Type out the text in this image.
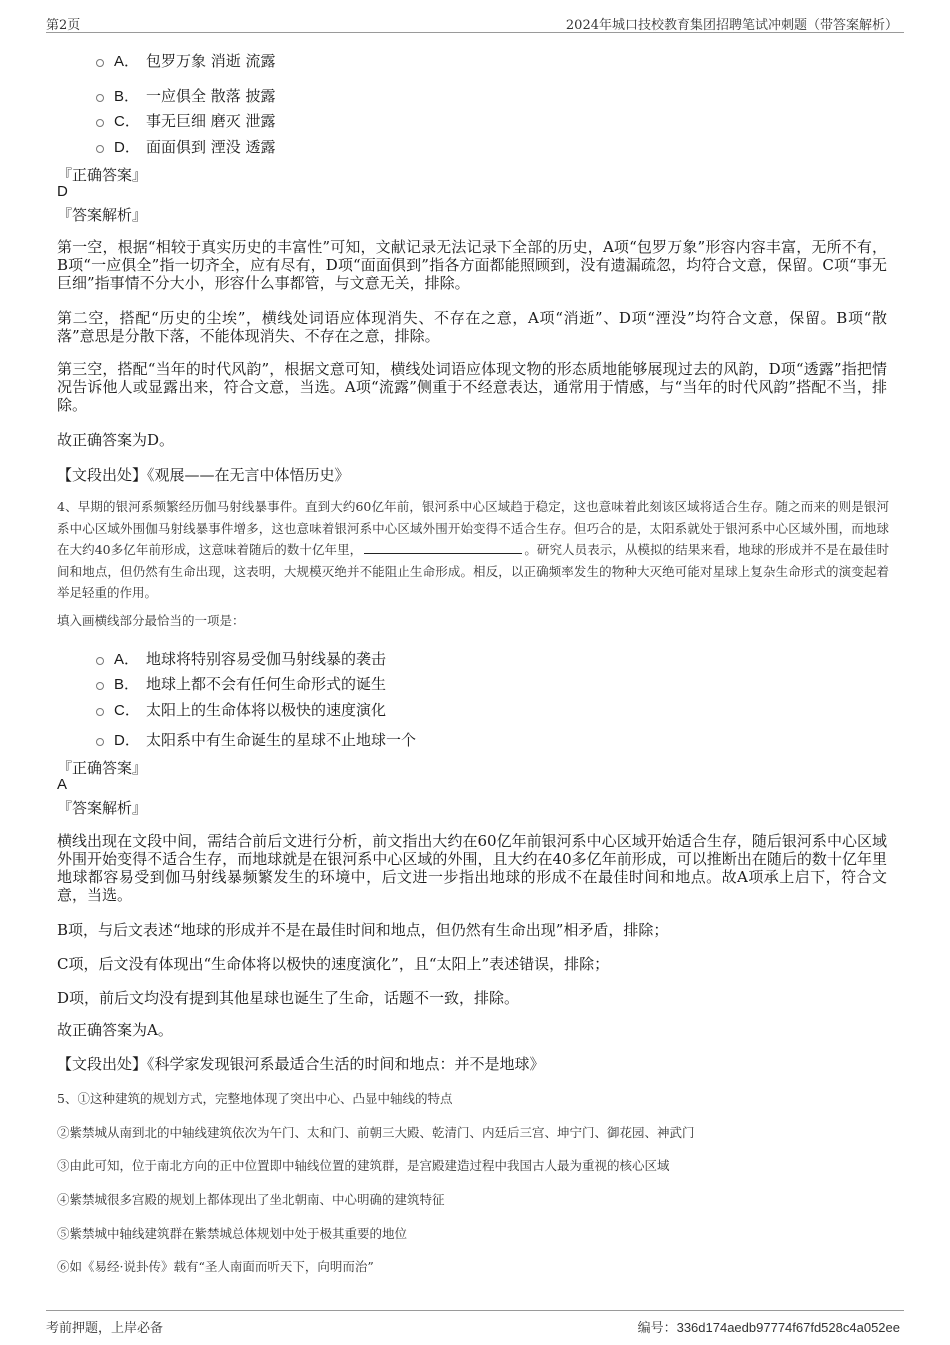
第2页	2024年城口技校教育集团招聘笔试冲刺题（带答案解析）
A． 包罗万象 消逝 流露
B． 一应俱全 散落 披露
C． 事无巨细 磨灭 泄露
D． 面面俱到 湮没 透露
『正确答案』
D
『答案解析』
第一空，根据“相较于真实历史的丰富性”可知，文献记录无法记录下全部的历史，A项“包罗万象”形容内容丰富，无所不有，B项“一应俱全”指一切齐全，应有尽有，D项“面面俱到”指各方面都能照顾到，没有遗漏疏忽，均符合文意，保留。C项“事无巨细”指事情不分大小，形容什么事都管，与文意无关，排除。
第二空，搭配“历史的尘埃”，横线处词语应体现消失、不存在之意，A项“消逝”、D项“湮没”均符合文意，保留。B项“散落”意思是分散下落，不能体现消失、不存在之意，排除。
第三空，搭配“当年的时代风韵”，根据文意可知，横线处词语应体现文物的形态质地能够展现过去的风韵，D项“透露”指把情况告诉他人或显露出来，符合文意，当选。A项“流露”侧重于不经意表达，通常用于情感，与“当年的时代风韵”搭配不当，排除。
故正确答案为D。
【文段出处】《观展——在无言中体悟历史》
4、早期的银河系频繁经历伽马射线暴事件。直到大约60亿年前，银河系中心区域趋于稳定，这也意味着此刻该区域将适合生存。随之而来的则是银河系中心区域外围伽马射线暴事件增多，这也意味着银河系中心区域外围开始变得不适合生存。但巧合的是，太阳系就处于银河系中心区域外围，而地球在大约40多亿年前形成，这意味着随后的数十亿年里，	。研究人员表示，从模拟的结果来看，地球的形成并不是在最佳时间和地点，但仍然有生命出现，这表明，大规模灭绝并不能阻止生命形成。相反，以正确频率发生的物种大灭绝可能对星球上复杂生命形式的演变起着举足轻重的作用。
填入画横线部分最恰当的一项是：
A． 地球将特别容易受伽马射线暴的袭击
B． 地球上都不会有任何生命形式的诞生
C． 太阳上的生命体将以极快的速度演化
D． 太阳系中有生命诞生的星球不止地球一个
『正确答案』
A
『答案解析』
横线出现在文段中间，需结合前后文进行分析，前文指出大约在60亿年前银河系中心区域开始适合生存，随后银河系中心区域外围开始变得不适合生存，而地球就是在银河系中心区域的外围，且大约在40多亿年前形成，可以推断出在随后的数十亿年里地球都容易受到伽马射线暴频繁发生的环境中，后文进一步指出地球的形成不在最佳时间和地点。故A项承上启下，符合文意，当选。
B项，与后文表述“地球的形成并不是在最佳时间和地点，但仍然有生命出现”相矛盾，排除；
C项，后文没有体现出“生命体将以极快的速度演化”，且“太阳上”表述错误，排除；
D项，前后文均没有提到其他星球也诞生了生命，话题不一致，排除。
故正确答案为A。
【文段出处】《科学家发现银河系最适合生活的时间和地点：并不是地球》
5、①这种建筑的规划方式，完整地体现了突出中心、凸显中轴线的特点
②紫禁城从南到北的中轴线建筑依次为午门、太和门、前朝三大殿、乾清门、内廷后三宫、坤宁门、御花园、神武门
③由此可知，位于南北方向的正中位置即中轴线位置的建筑群，是宫殿建造过程中我国古人最为重视的核心区域
④紫禁城很多宫殿的规划上都体现出了坐北朝南、中心明确的建筑特征
⑤紫禁城中轴线建筑群在紫禁城总体规划中处于极其重要的地位
⑥如《易经·说卦传》载有“圣人南面而听天下，向明而治”
考前押题，上岸必备	编号：336d174aedb97774f67fd528c4a052ee
